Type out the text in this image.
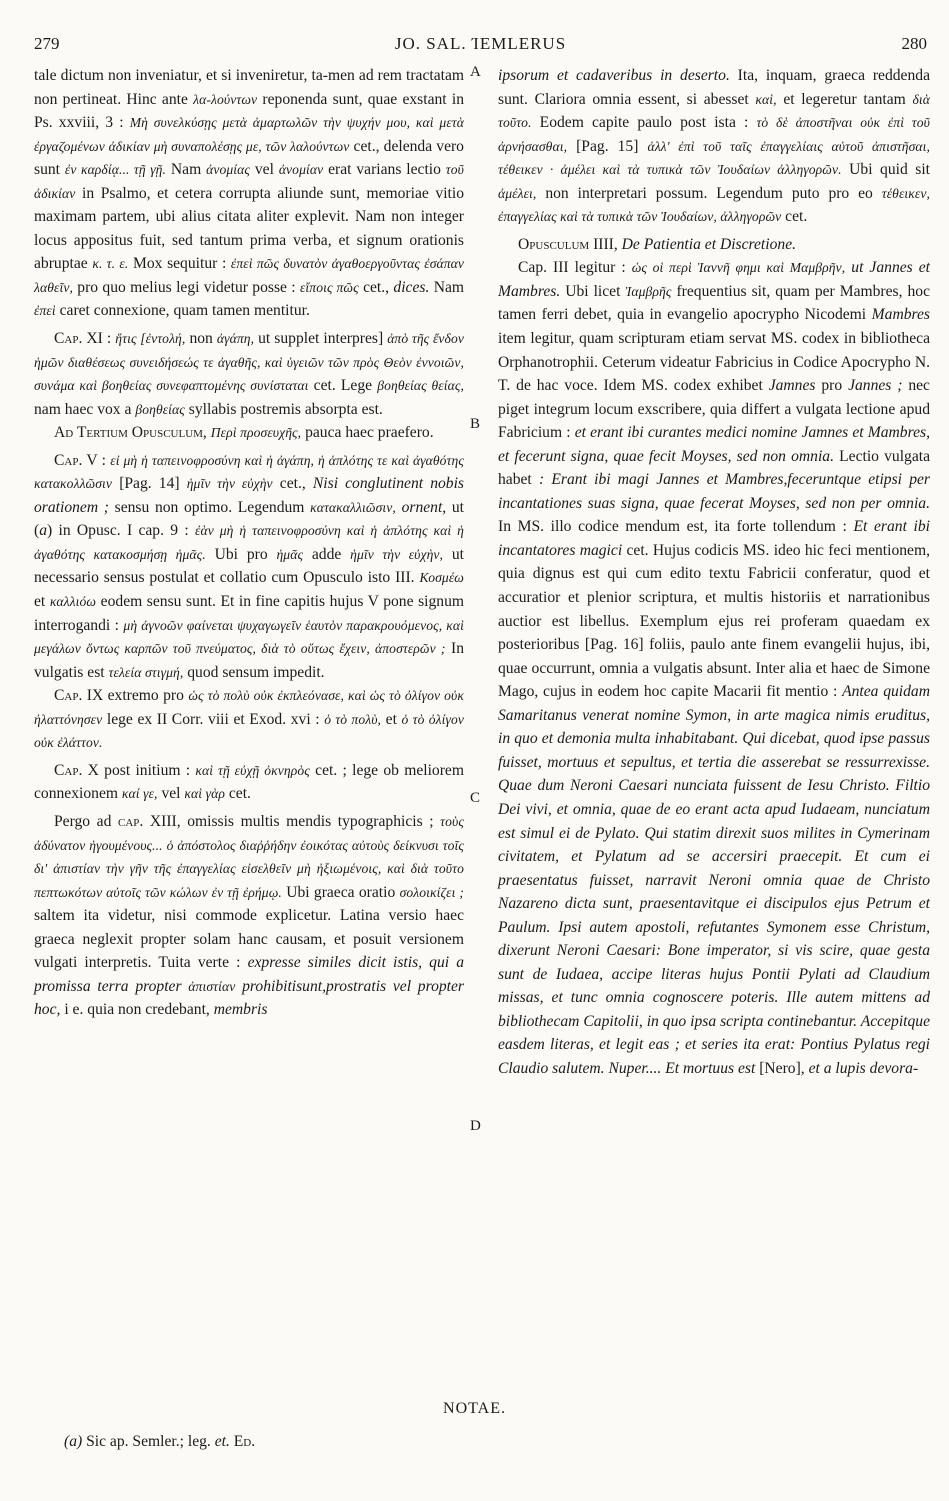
279	JO. SAL. ΊΕΜLERUS	280
A
B
C
D

tale dictum non inveniatur, et si inveniretur, ta-men ad rem tractatam non pertineat. Hinc ante λα-λούντων reponenda sunt, quae exstant in Ps. xxviii, 3 : Μὴ συνελκύσῃς μετὰ ἁμαρτωλῶν τὴν ψυχήν μου, καὶ μετὰ ἐργαζομένων ἀδικίαν μὴ συναπολέσῃς με, τῶν λαλούντων cet., delenda vero sunt ἐν καρδίᾳ... τῇ γῇ. Nam ἀνομίας vel ἀνομίαν erat varians lectio τοῦ ἀδικίαν in Psalmo, et cetera corrupta aliunde sunt, memoriae vitio maximam partem, ubi alius citata aliter explevit. Nam non integer locus appositus fuit, sed tantum prima verba, et signum orationis abruptae κ. τ. ε. Mox sequitur : ἐπεὶ πῶς δυνατὸν ἀγαθοεργοῦντας ἐσάπαν λαθεῖν, pro quo melius legi videtur posse : εἴποις πῶς cet., dices. Nam ἐπεὶ caret connexione, quam tamen mentitur.

Cap. XI : ἥτις [ἐντολή, non ἀγάπη, ut supplet interpres] ἀπὸ τῆς ἔνδον ἡμῶν διαθέσεως συνειδήσεώς τε ἀγαθῆς, καὶ ὑγειῶν τῶν πρὸς Θεὸν ἐννοιῶν, συνάμα καὶ βοηθείας συνεφαπτομένης συνίσταται cet. Lege βοηθείας θείας, nam haec vox a βοηθείας syllabis postremis absorpta est.

Ad Tertium Opusculum, Περὶ προσευχῆς, pauca haec praefero.

Cap. V : εἰ μὴ ἡ ταπεινοφροσύνη καὶ ἡ ἀγάπη, ἡ ἁπλότης τε καὶ ἀγαθότης κατακολλῶσιν [Pag. 14] ἡμῖν τὴν εὐχὴν cet., Nisi conglutinent nobis orationem ; sensu non optimo. Legendum κατακαλλιῶσιν, ornent, ut (a) in Opusc. I cap. 9 : ἐὰν μὴ ἡ ταπεινοφροσύνη καὶ ἡ ἁπλότης καὶ ἡ ἀγαθότης κατακοσμήσῃ ἡμᾶς. Ubi pro ἡμᾶς adde ἡμῖν τὴν εὐχὴν, ut necessario sensus postulat et collatio cum Opusculo isto III. Κοσμέω et καλλιόω eodem sensu sunt. Et in fine capitis hujus V pone signum interrogandi : μὴ ἀγνοῶν φαίνεται ψυχαγωγεῖν ἑαυτὸν παρακρουόμενος, καὶ μεγάλων ὄντως καρπῶν τοῦ πνεύματος, διὰ τὸ οὕτως ἔχειν, ἀποστερῶν ; In vulgatis est τελεία στιγμή, quod sensum impedit.

Cap. IX extremo pro ὡς τὸ πολὺ οὐκ ἐκπλεόνασε, καὶ ὡς τὸ ὀλίγον οὐκ ἠλαττόνησεν lege ex II Corr. viii et Exod. xvi : ὁ τὸ πολὺ, et ὁ τὸ ὀλίγον οὐκ ἐλάττον.

Cap. X post initium : καὶ τῇ εὐχῇ ὀκνηρὸς cet. ; lege ob meliorem connexionem καί γε, vel καὶ γὰρ cet.

Pergo ad cap. XIII, omissis multis mendis typographicis ; τοὺς ἀδύνατον ἡγουμένους... ὁ ἀπόστολος διαῤῥήδην ἐοικότας αὐτοὺς δείκνυσι τοῖς δι' ἀπιστίαν τὴν γῆν τῆς ἐπαγγελίας εἰσελθεῖν μὴ ἠξιωμένοις, καὶ διὰ τοῦτο πεπτωκότων αὐτοῖς τῶν κώλων ἐν τῇ ἐρήμῳ. Ubi graeca oratio σολοικίζει ; saltem ita videtur, nisi commode explicetur. Latina versio haec graeca neglexit propter solam hanc causam, et posuit versionem vulgati interpretis. Tuita verte : expresse similes dicit istis, qui a promissa terra propter ἀπιστίαν prohibitisunt,prostratis vel propter hoc, i e. quia non credebant, membris

ipsorum et cadaveribus in deserto. Ita, inquam, graeca reddenda sunt. Clariora omnia essent, si abesset καὶ, et legeretur tantam διὰ τοῦτο. Eodem capite paulo post ista : τὸ δὲ ἀποστῆναι οὐκ ἐπὶ τοῦ ἀρνήσασθαι, [Pag. 15] ἀλλ' ἐπὶ τοῦ ταῖς ἐπαγγελίαις αὐτοῦ ἀπιστῆσαι, τέθεικεν · ἀμέλει καὶ τὰ τυπικὰ τῶν Ἰουδαίων ἀλληγορῶν. Ubi quid sit ἀμέλει, non interpretari possum. Legendum puto pro eo τέθεικεν, ἐπαγγελίας καὶ τὰ τυπικὰ τῶν Ἰουδαίων, ἀλληγορῶν cet.

Opusculum IIII, De Patientia et Discretione.

Cap. III legitur : ὡς οἱ περὶ Ἰαννῆ φημι καὶ Μαμβρῆν, ut Jannes et Mambres. Ubi licet Ἰαμβρῆς frequentius sit, quam per Mambres, hoc tamen ferri debet, quia in evangelio apocrypho Nicodemi Mambres item legitur, quam scripturam etiam servat MS. codex in bibliotheca Orphanotrophii. Ceterum videatur Fabricius in Codice Apocrypho N. T. de hac voce. Idem MS. codex exhibet Jamnes pro Jannes ; nec piget integrum locum exscribere, quia differt a vulgata lectione apud Fabricium : et erant ibi curantes medici nomine Jamnes et Mambres, et fecerunt signa, quae fecit Moyses, sed non omnia. Lectio vulgata habet : Erant ibi magi Jannes et Mambres,feceruntque etipsi per incantationes suas signa, quae fecerat Moyses, sed non per omnia. In MS. illo codice mendum est, ita forte tollendum : Et erant ibi incantatores magici cet. Hujus codicis MS. ideo hic feci mentionem, quia dignus est qui cum edito textu Fabricii conferatur, quod et accuratior et plenior scriptura, et multis historiis et narrationibus auctior est libellus. Exemplum ejus rei proferam quaedam ex posterioribus [Pag. 16] foliis, paulo ante finem evangelii hujus, ibi, quae occurrunt, omnia a vulgatis absunt. Inter alia et haec de Simone Mago, cujus in eodem hoc capite Macarii fit mentio : Antea quidam Samaritanus venerat nomine Symon, in arte magica nimis eruditus, in quo et demonia multa inhabitabant. Qui dicebat, quod ipse passus fuisset, mortuus et sepultus, et tertia die asserebat se ressurrexisse. Quae dum Neroni Caesari nunciata fuissent de Iesu Christo. Filtio Dei vivi, et omnia, quae de eo erant acta apud Iudaeam, nunciatum est simul ei de Pylato. Qui statim direxit suos milites in Cymerinam civitatem, et Pylatum ad se accersiri praecepit. Et cum ei praesentatus fuisset, narravit Neroni omnia quae de Christo Nazareno dicta sunt, praesentavitque ei discipulos ejus Petrum et Paulum. Ipsi autem apostoli, refutantes Symonem esse Christum, dixerunt Neroni Caesari: Bone imperator, si vis scire, quae gesta sunt de Iudaea, accipe literas hujus Pontii Pylati ad Claudium missas, et tunc omnia cognoscere poteris. Ille autem mittens ad bibliothecam Capitolii, in quo ipsa scripta continebantur. Accepitque easdem literas, et legit eas ; et series ita erat: Pontius Pylatus regi Claudio salutem. Nuper.... Et mortuus est [Nero], et a lupis devora-

NOTAE.
(a) Sic ap. Semler.; leg. et. Ed.
